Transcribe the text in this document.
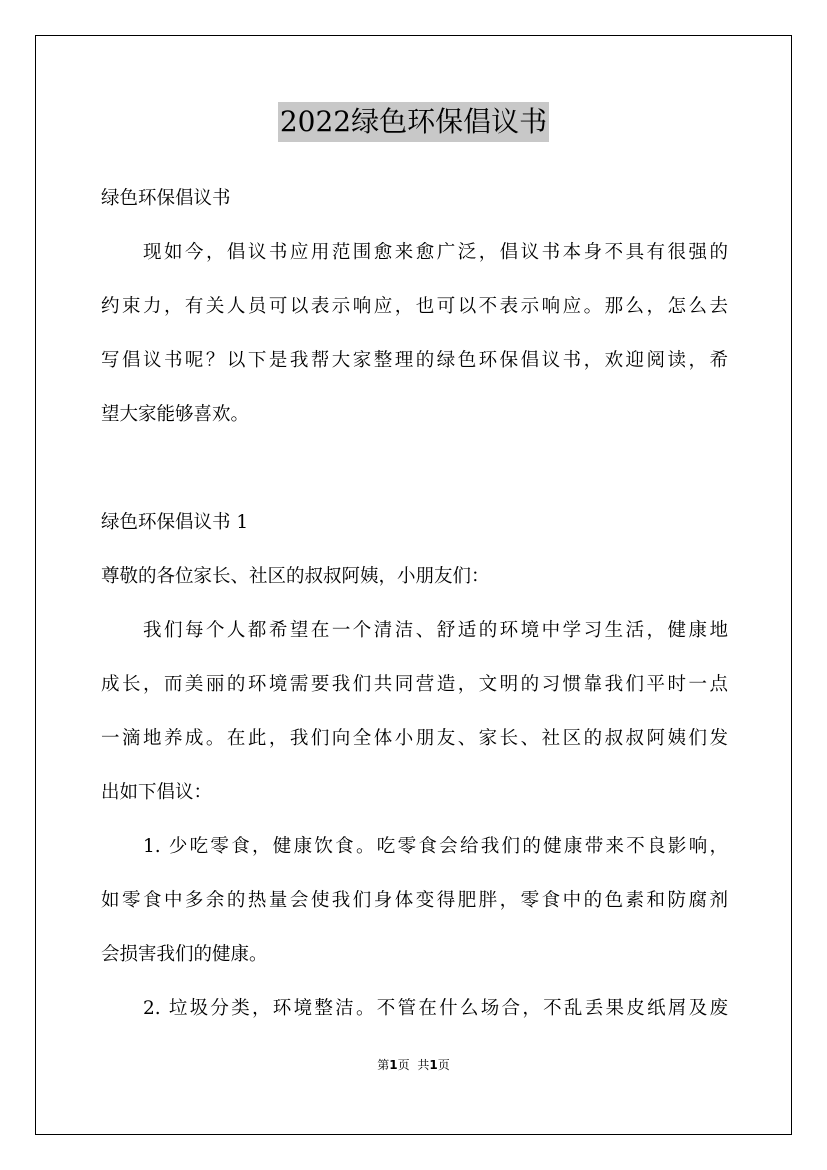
2022绿色环保倡议书
绿色环保倡议书
现如今，倡议书应用范围愈来愈广泛，倡议书本身不具有很强的
约束力，有关人员可以表示响应，也可以不表示响应。那么，怎么去
写倡议书呢？以下是我帮大家整理的绿色环保倡议书，欢迎阅读，希
望大家能够喜欢。
绿色环保倡议书 1
尊敬的各位家长、社区的叔叔阿姨，小朋友们：
我们每个人都希望在一个清洁、舒适的环境中学习生活，健康地
成长，而美丽的环境需要我们共同营造，文明的习惯靠我们平时一点
一滴地养成。在此，我们向全体小朋友、家长、社区的叔叔阿姨们发
出如下倡议：
1. 少吃零食，健康饮食。吃零食会给我们的健康带来不良影响，
如零食中多余的热量会使我们身体变得肥胖，零食中的色素和防腐剂
会损害我们的健康。
2. 垃圾分类，环境整洁。不管在什么场合，不乱丢果皮纸屑及废
第1页 共1页
